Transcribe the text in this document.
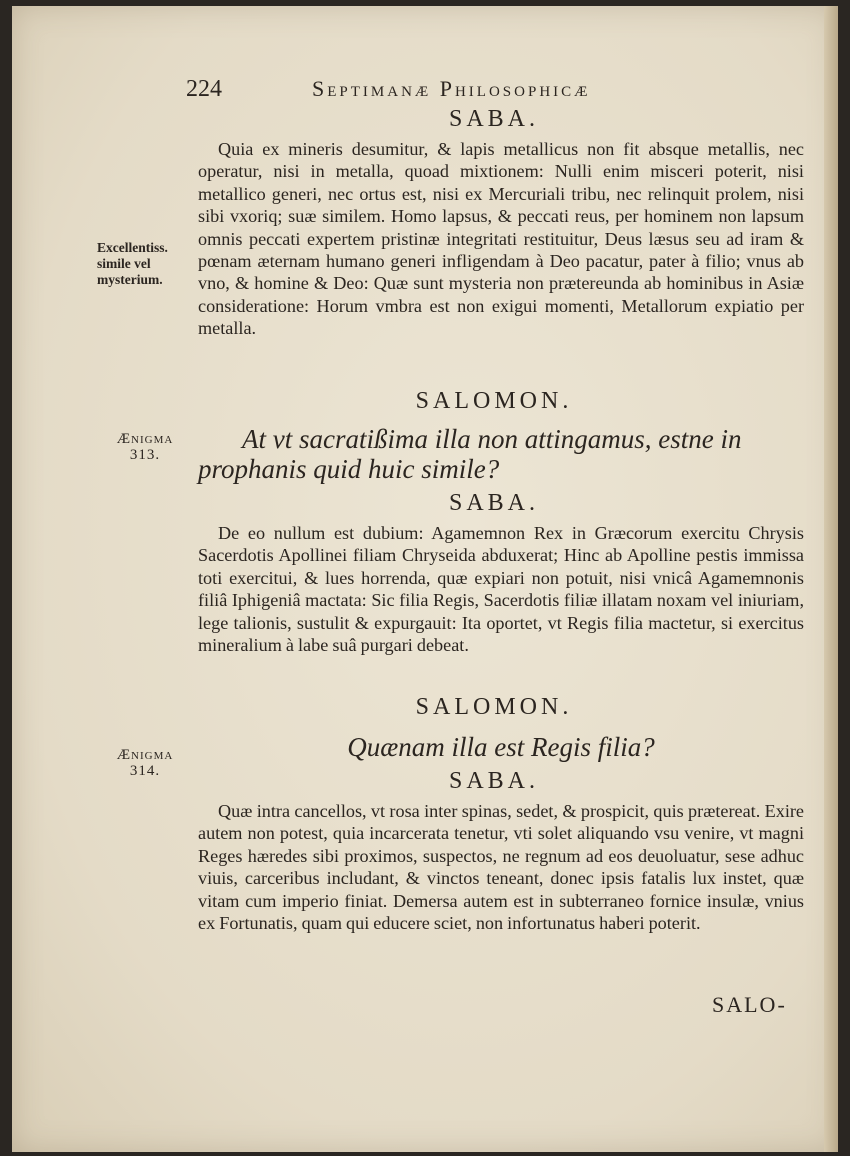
224	Septimanæ Philosophicæ
SABA.

Quia ex mineris desumitur, & lapis metallicus non fit absque metallis, nec operatur, nisi in metalla, quoad mixtionem: Nulli enim misceri poterit, nisi metallico generi, nec ortus est, nisi ex Mercuriali tribu, nec relinquit prolem, nisi sibi vxoriq; suæ similem. Homo lapsus, & peccati reus, per hominem non lapsum omnis peccati expertem pristinæ integritati restituitur, Deus læsus seu ad iram & pœnam æternam humano generi infligendam à Deo pacatur, pater à filio; vnus ab vno, & homine & Deo: Quæ sunt mysteria non prætereunda ab hominibus in Asiæ consideratione: Horum vmbra est non exigui momenti, Metallorum expiatio per metalla.

Excellentiss. simile vel mysterium.
SALOMON.

At vt sacratißima illa non attingamus, estne in prophanis quid huic simile?

Ænigma
313.
SABA.

De eo nullum est dubium: Agamemnon Rex in Græcorum exercitu Chrysis Sacerdotis Apollinei filiam Chryseida abduxerat; Hinc ab Apolline pestis immissa toti exercitui, & lues horrenda, quæ expiari non potuit, nisi vnicâ Agamemnonis filiâ Iphigeniâ mactata: Sic filia Regis, Sacerdotis filiæ illatam noxam vel iniuriam, lege talionis, sustulit & expurgauit: Ita oportet, vt Regis filia mactetur, si exercitus mineralium à labe suâ purgari debeat.

SALOMON.

Quænam illa est Regis filia?

Ænigma
314.	SABA.

Quæ intra cancellos, vt rosa inter spinas, sedet, & prospicit, quis prætereat. Exire autem non potest, quia incarcerata tenetur, vti solet aliquando vsu venire, vt magni Reges hæredes sibi proximos, suspectos, ne regnum ad eos deuoluatur, sese adhuc viuis, carceribus includant, & vinctos teneant, donec ipsis fatalis lux instet, quæ vitam cum imperio finiat. Demersa autem est in subterraneo fornice insulæ, vnius ex Fortunatis, quam qui educere sciet, non infortunatus haberi poterit.

SALO-
